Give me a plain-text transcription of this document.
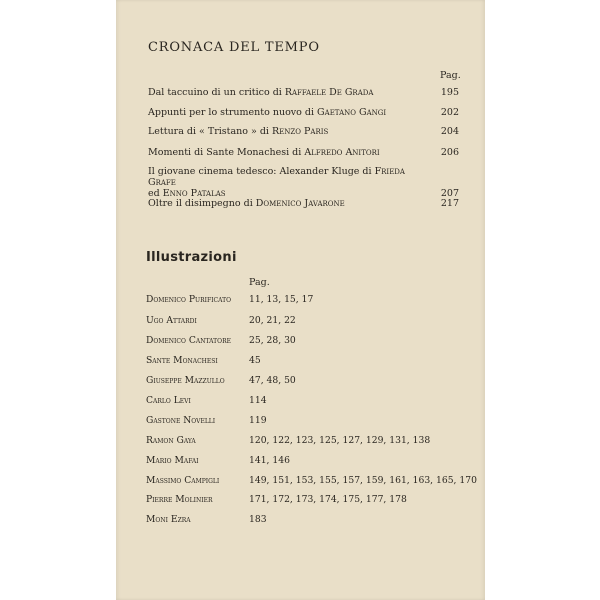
CRONACA DEL TEMPO
Pag.
Dal taccuino di un critico di Raffaele De Grada	195
Appunti per lo strumento nuovo di Gaetano Gangi	202
Lettura di « Tristano » di Renzo Paris	204
Momenti di Sante Monachesi di Alfredo Anitori	206
Il giovane cinema tedesco: Alexander Kluge di Frieda Grafe
ed Enno Patalas	207
Oltre il disimpegno di Domenico Javarone	217
Illustrazioni
Pag.
Domenico Purificato 11, 13, 15, 17
Ugo Attardi	20, 21, 22
Domenico Cantatore 25, 28, 30
Sante Monachesi	45
Giuseppe Mazzullo	47, 48, 50
Carlo Levi	114
Gastone Novelli	119
Ramon Gaya	120, 122, 123, 125, 127, 129, 131, 138
Mario Mafai	141, 146
Massimo Campigli	149, 151, 153, 155, 157, 159, 161, 163, 165, 170
Pierre Molinier	171, 172, 173, 174, 175, 177, 178
Moni Ezra	183
